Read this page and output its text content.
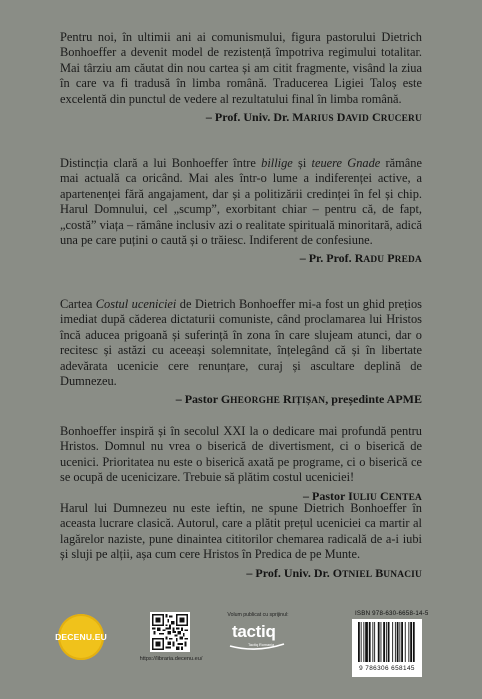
Pentru noi, în ultimii ani ai comunismului, figura pastorului Dietrich Bonhoeffer a devenit model de rezistență împotriva regimului totalitar. Mai târziu am căutat din nou cartea și am citit fragmente, visând la ziua în care va fi tradusă în limba română. Traducerea Ligiei Taloș este excelentă din punctul de vedere al rezultatului final în limba română.

– Prof. Univ. Dr. MARIUS DAVID CRUCERU

Distincția clară a lui Bonhoeffer între billige și teuere Gnade rămâne mai actuală ca oricând. Mai ales într-o lume a indiferenței active, a apartenenței fără angajament, dar și a politizării credinței în fel și chip. Harul Domnului, cel „scump”, exorbitant chiar – pentru că, de fapt, „costă” viața – rămâne inclusiv azi o realitate spirituală minoritară, adică una pe care puțini o caută și o trăiesc. Indiferent de confesiune.

– Pr. Prof. RADU PREDA

Cartea Costul uceniciei de Dietrich Bonhoeffer mi-a fost un ghid prețios imediat după căderea dictaturii comuniste, când proclamarea lui Hristos încă aducea prigoană și suferință în zona în care slujeam atunci, dar o recitesc și astăzi cu aceeași solemnitate, înțelegând că și în libertate adevărata ucenicie cere renunțare, curaj și ascultare deplină de Dumnezeu.

– Pastor GHEORGHE RIȚIȘAN, președinte APME

Bonhoeffer inspiră și în secolul XXI la o dedicare mai profundă pentru Hristos. Domnul nu vrea o biserică de divertisment, ci o biserică de ucenici. Prioritatea nu este o biserică axată pe programe, ci o biserică ce se ocupă de ucenicizare. Trebuie să plătim costul uceniciei!

– Pastor IULIU CENTEA

Harul lui Dumnezeu nu este ieftin, ne spune Dietrich Bonhoeffer în aceasta lucrare clasică. Autorul, care a plătit prețul uceniciei ca martir al lagărelor naziste, pune dinaintea cititorilor chemarea radicală de a-i iubi și sluji pe alții, așa cum cere Hristos în Predica de pe Munte.

– Prof. Univ. Dr. OTNIEL BUNACIU

DECENU.EU
https://libraria.decenu.eu/
Volum publicat cu sprijinul:
tactiq
Tactiq Romania
ISBN 978-630-6658-14-5
9 786306 658145
